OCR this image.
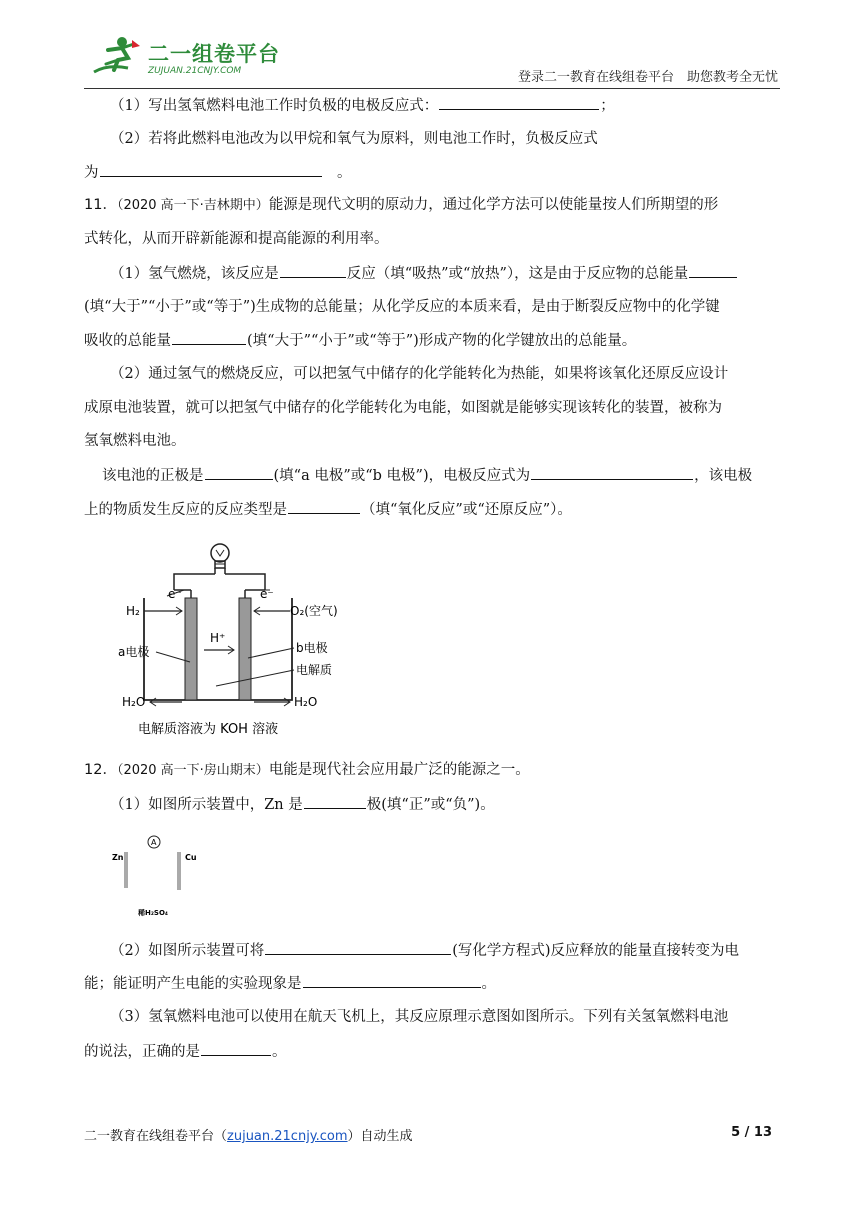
二一组卷平台
ZUJUAN.21CNJY.COM	登录二一教育在线组卷平台　助您教考全无忧
（1）写出氢氧燃料电池工作时负极的电极反应式：	；
（2）若将此燃料电池改为以甲烷和氧气为原料，则电池工作时，负极反应式
为　	。
11．（2020 高一下·吉林期中）能源是现代文明的原动力，通过化学方法可以使能量按人们所期望的形
式转化，从而开辟新能源和提高能源的利用率。
（1）氢气燃烧，该反应是	反应（填“吸热”或“放热”），这是由于反应物的总能量
(填“大于”“小于”或“等于”)生成物的总能量；从化学反应的本质来看，是由于断裂反应物中的化学键
吸收的总能量	(填“大于”“小于”或“等于”)形成产物的化学键放出的总能量。
（2）通过氢气的燃烧反应，可以把氢气中储存的化学能转化为热能，如果将该氧化还原反应设计
成原电池装置，就可以把氢气中储存的化学能转化为电能，如图就是能够实现该转化的装置，被称为
氢氧燃料电池。
该电池的正极是	(填“a 电极”或“b 电极”)，电极反应式为	，该电极
上的物质发生反应的反应类型是	（填“氧化反应”或“还原反应”）。
e⁻	e⁻
H₂	O₂(空气)
H⁺
a电极	b电极
电解质
H₂O	H₂O
电解质溶液为 KOH 溶液
12．（2020 高一下·房山期末）电能是现代社会应用最广泛的能源之一。
（1）如图所示装置中，Zn 是	极(填“正”或“负”)。
A
Zn	Cu
稀H₂SO₄
（2）如图所示装置可将	(写化学方程式)反应释放的能量直接转变为电
能；能证明产生电能的实验现象是	。
（3）氢氧燃料电池可以使用在航天飞机上，其反应原理示意图如图所示。下列有关氢氧燃料电池
的说法，正确的是	。
二一教育在线组卷平台（zujuan.21cnjy.com）自动生成	5 / 13
